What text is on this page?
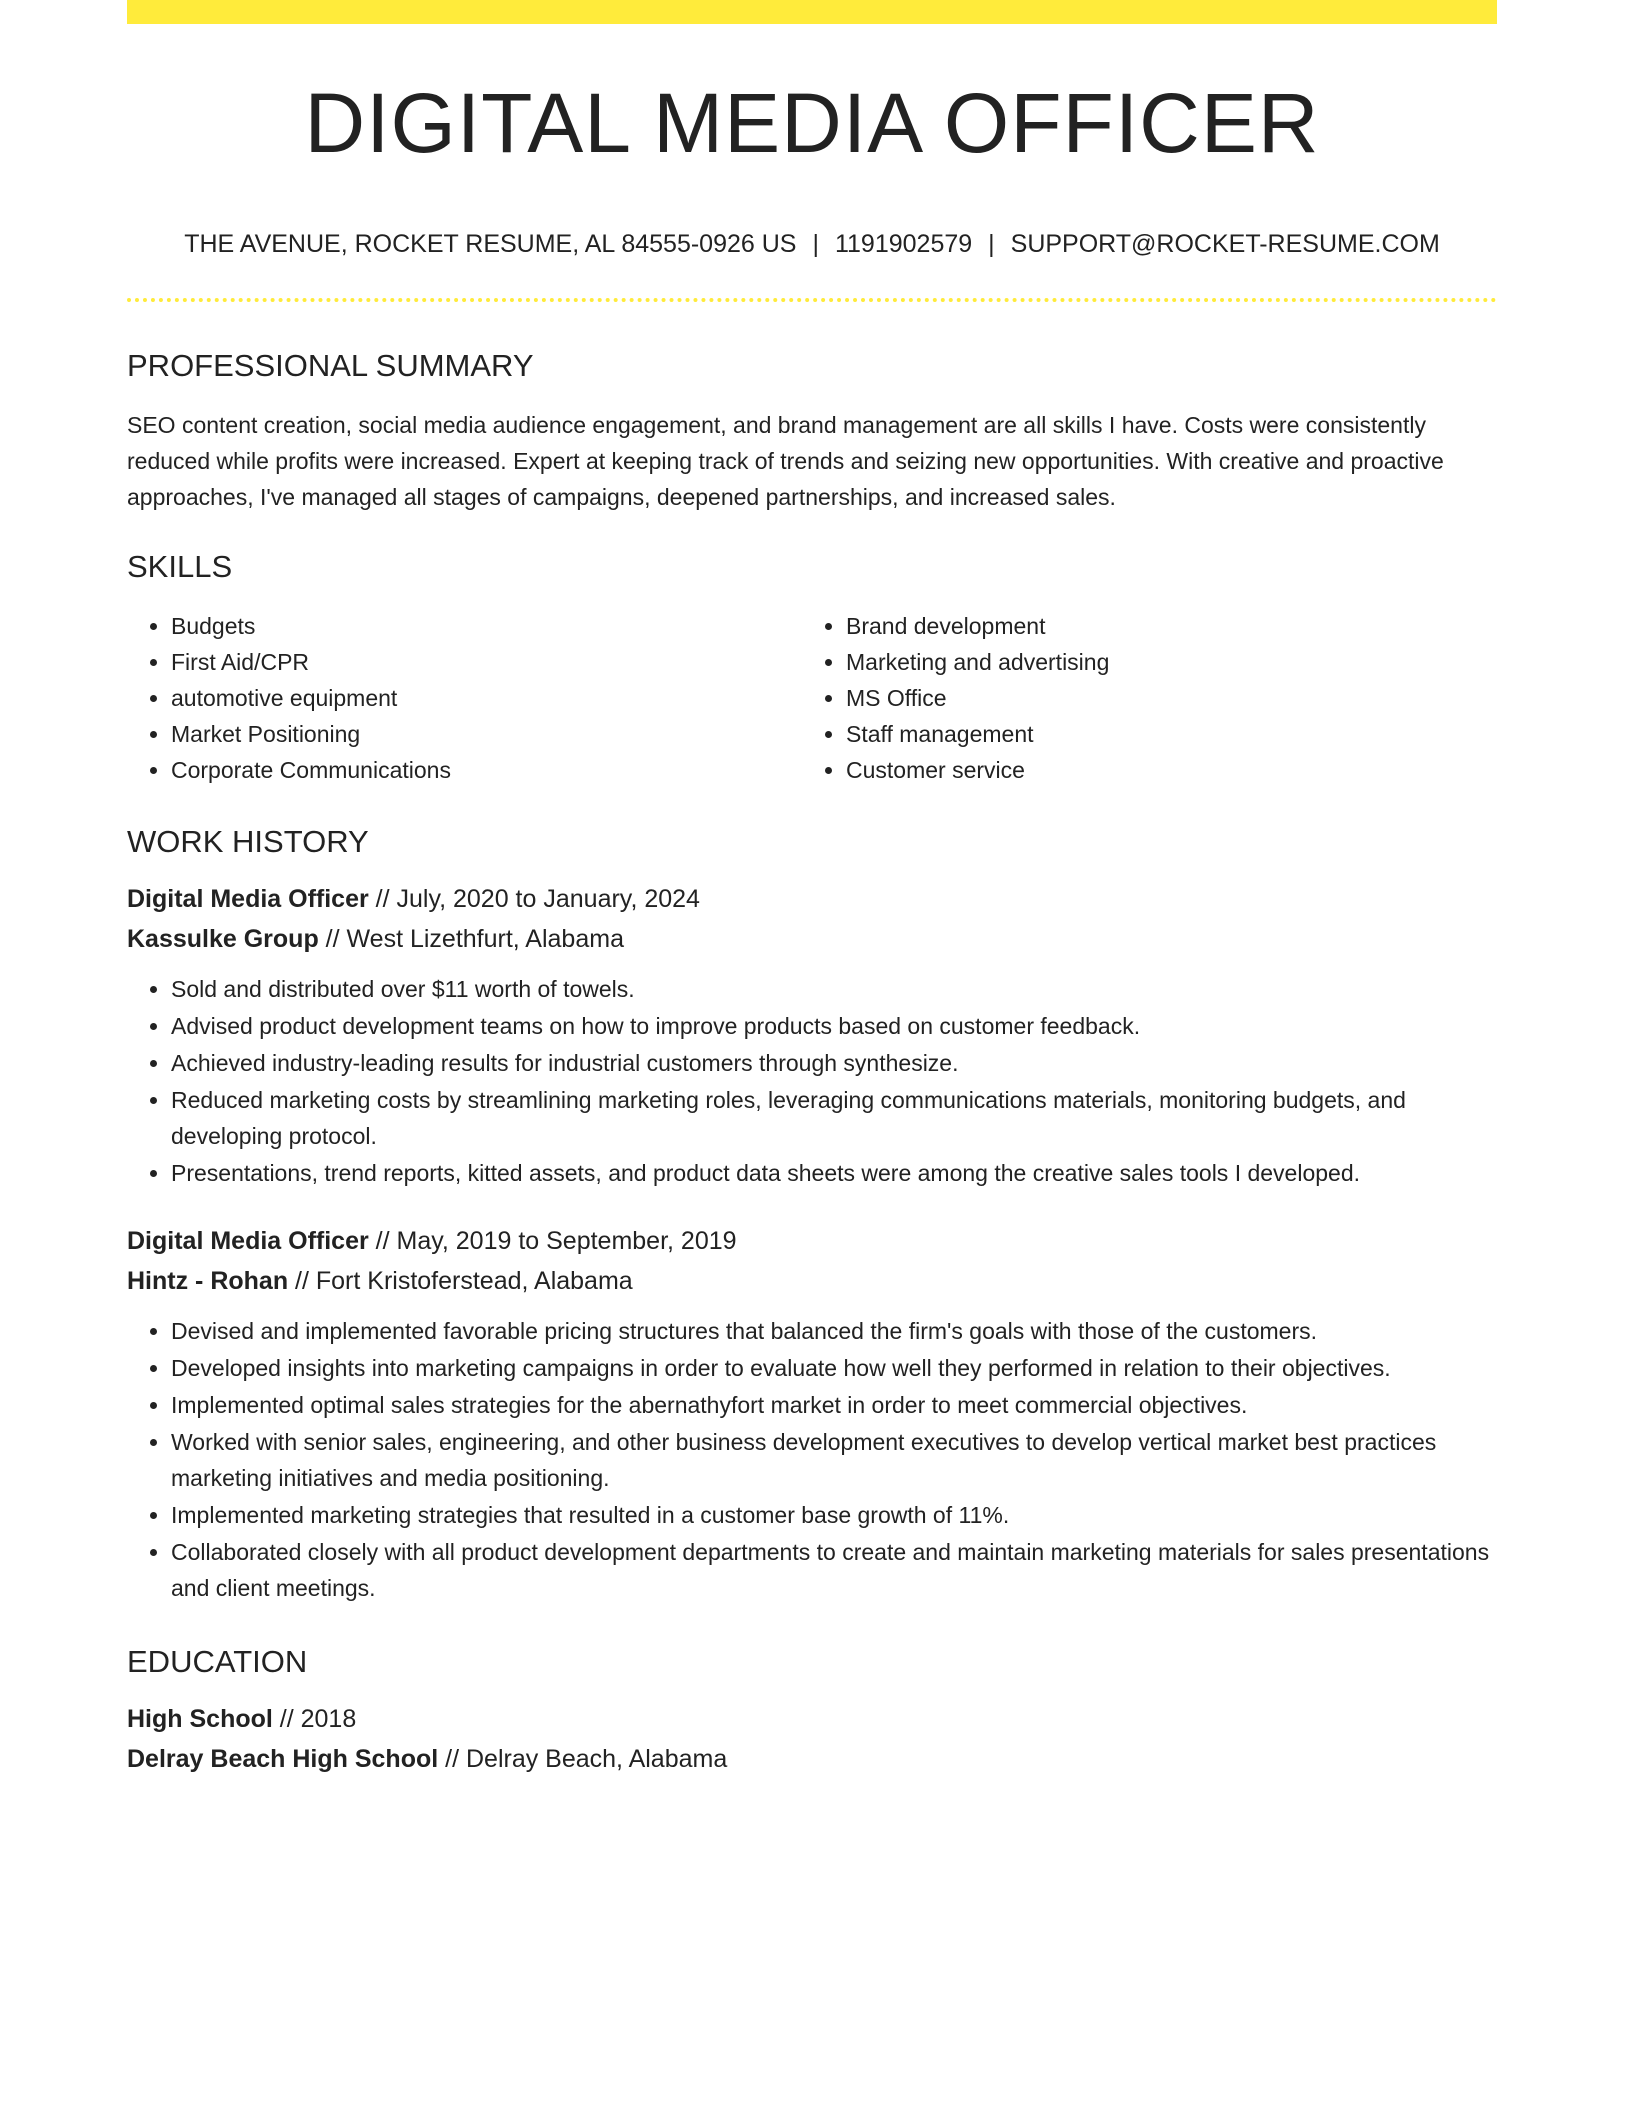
DIGITAL MEDIA OFFICER
THE AVENUE, ROCKET RESUME, AL 84555-0926 US | 1191902579 | SUPPORT@ROCKET-RESUME.COM
PROFESSIONAL SUMMARY

SEO content creation, social media audience engagement, and brand management are all skills I have. Costs were consistently reduced while profits were increased. Expert at keeping track of trends and seizing new opportunities. With creative and proactive approaches, I've managed all stages of campaigns, deepened partnerships, and increased sales.

SKILLS
• Budgets
• First Aid/CPR
• automotive equipment
• Market Positioning
• Corporate Communications
• Brand development
• Marketing and advertising
• MS Office
• Staff management
• Customer service
WORK HISTORY
Digital Media Officer // July, 2020 to January, 2024
Kassulke Group // West Lizethfurt, Alabama
• Sold and distributed over $11 worth of towels.
• Advised product development teams on how to improve products based on customer feedback.
• Achieved industry-leading results for industrial customers through synthesize.
• Reduced marketing costs by streamlining marketing roles, leveraging communications materials, monitoring budgets, and developing protocol.
• Presentations, trend reports, kitted assets, and product data sheets were among the creative sales tools I developed.
Digital Media Officer // May, 2019 to September, 2019
Hintz - Rohan // Fort Kristoferstead, Alabama
• Devised and implemented favorable pricing structures that balanced the firm's goals with those of the customers.
• Developed insights into marketing campaigns in order to evaluate how well they performed in relation to their objectives.
• Implemented optimal sales strategies for the abernathyfort market in order to meet commercial objectives.
• Worked with senior sales, engineering, and other business development executives to develop vertical market best practices marketing initiatives and media positioning.
• Implemented marketing strategies that resulted in a customer base growth of 11%.
• Collaborated closely with all product development departments to create and maintain marketing materials for sales presentations and client meetings.
EDUCATION
High School // 2018
Delray Beach High School // Delray Beach, Alabama
